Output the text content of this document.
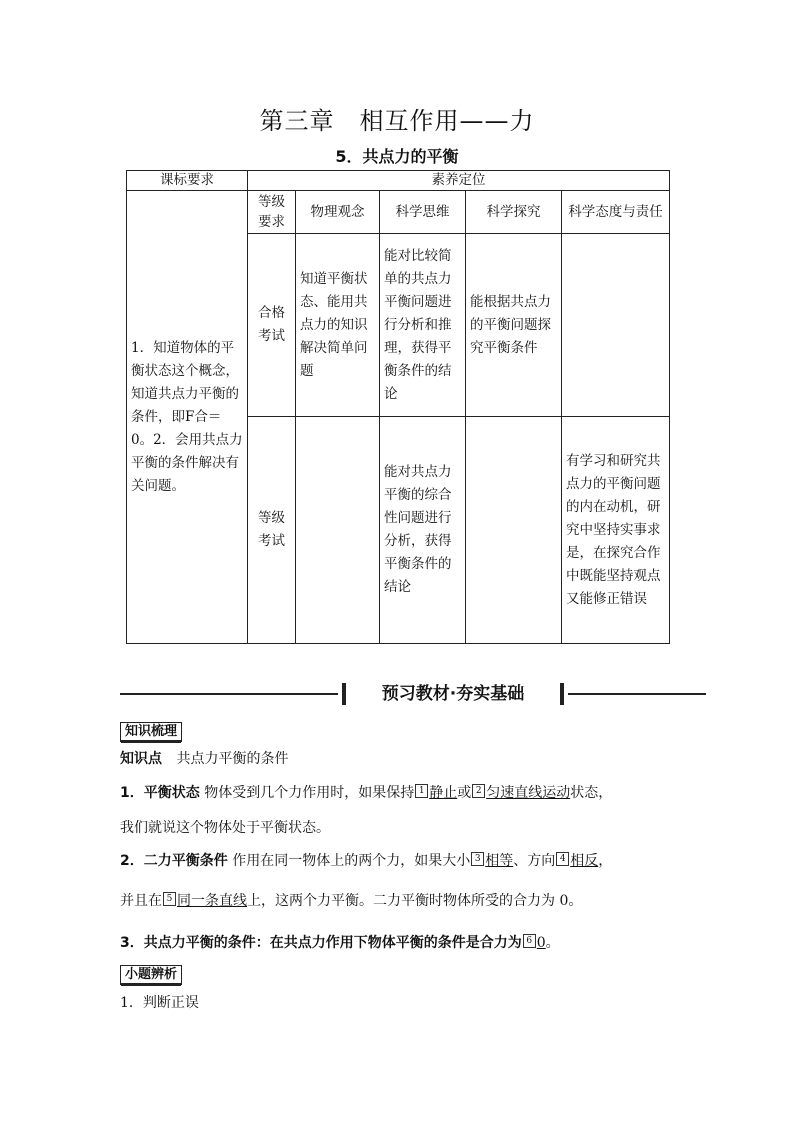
第三章　相互作用——力
5．共点力的平衡
课标要求	素养定位				
1．知道物体的平衡状态这个概念，知道共点力平衡的条件，即F合＝0。2．会用共点力平衡的条件解决有关问题。	等级要求	物理观念	科学思维	科学探究	科学态度与责任
	合格考试	知道平衡状态、能用共点力的知识解决简单问题	能对比较简单的共点力平衡问题进行分析和推理，获得平衡条件的结论	能根据共点力的平衡问题探究平衡条件	
	等级考试		能对共点力平衡的综合性问题进行分析，获得平衡条件的结论		有学习和研究共点力的平衡问题的内在动机，研究中坚持实事求是，在探究合作中既能坚持观点又能修正错误
预习教材·夯实基础
知识梳理
知识点 共点力平衡的条件
1．平衡状态 物体受到几个力作用时，如果保持 1 静止或 2 匀速直线运动状态，
我们就说这个物体处于平衡状态。
2．二力平衡条件 作用在同一物体上的两个力，如果大小 3 相等、方向 4 相反，
并且在 5 同一条直线上，这两个力平衡。二力平衡时物体所受的合力为 0。
3．共点力平衡的条件：在共点力作用下物体平衡的条件是合力为 6 0。
小题辨析
1．判断正误
